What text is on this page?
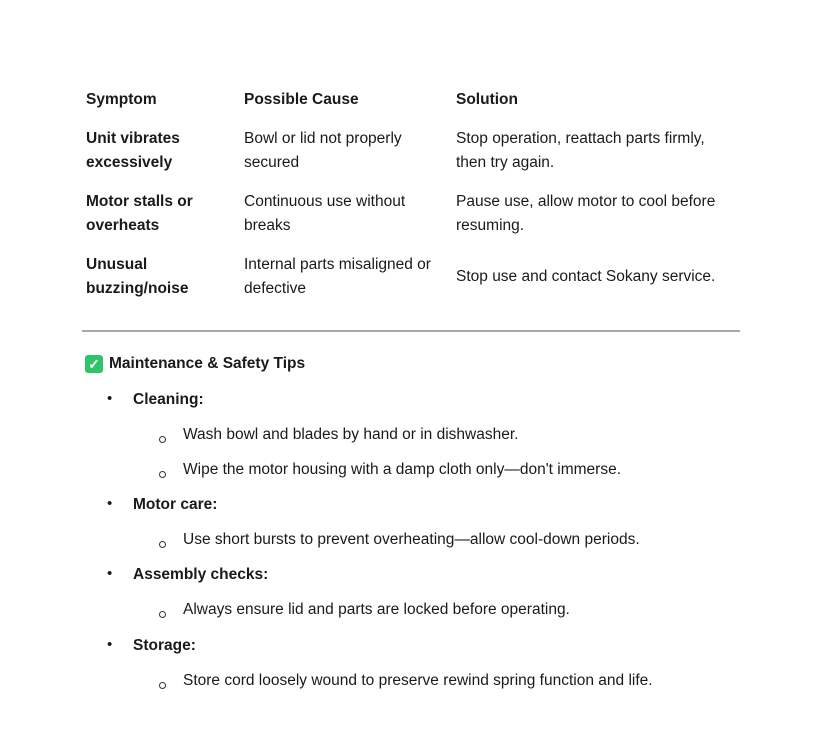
Symptom	Possible Cause	Solution
Unit vibrates
excessively
Bowl or lid not properly
secured
Stop operation, reattach parts firmly,
then try again.
Motor stalls or
overheats
Continuous use without
breaks
Pause use, allow motor to cool before
resuming.
Unusual
buzzing/noise
Internal parts misaligned or
defective
Stop use and contact Sokany service.
✓ Maintenance & Safety Tips
• Cleaning:
Wash bowl and blades by hand or in dishwasher.
Wipe the motor housing with a damp cloth only—don't immerse.
• Motor care:
Use short bursts to prevent overheating—allow cool-down periods.
• Assembly checks:
Always ensure lid and parts are locked before operating.
• Storage:
Store cord loosely wound to preserve rewind spring function and life.
